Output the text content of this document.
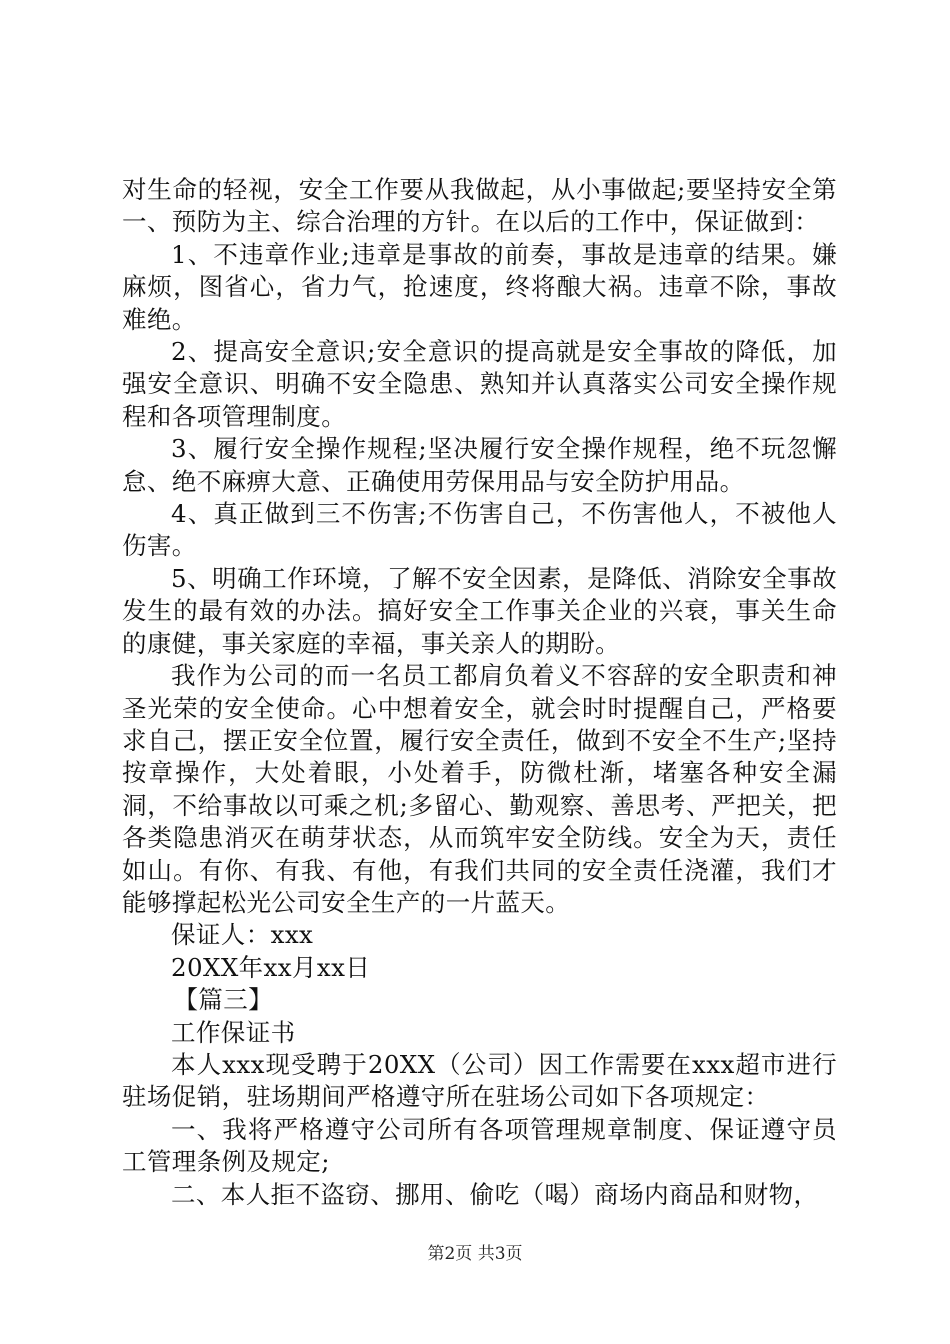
对生命的轻视，安全工作要从我做起，从小事做起;要坚持安全第一、预防为主、综合治理的方针。在以后的工作中，保证做到：

1、不违章作业;违章是事故的前奏，事故是违章的结果。嫌麻烦，图省心，省力气，抢速度，终将酿大祸。违章不除，事故难绝。

2、提高安全意识;安全意识的提高就是安全事故的降低，加强安全意识、明确不安全隐患、熟知并认真落实公司安全操作规程和各项管理制度。

3、履行安全操作规程;坚决履行安全操作规程，绝不玩忽懈怠、绝不麻痹大意、正确使用劳保用品与安全防护用品。

4、真正做到三不伤害;不伤害自己，不伤害他人，不被他人伤害。

5、明确工作环境，了解不安全因素，是降低、消除安全事故发生的最有效的办法。搞好安全工作事关企业的兴衰，事关生命的康健，事关家庭的幸福，事关亲人的期盼。

我作为公司的而一名员工都肩负着义不容辞的安全职责和神圣光荣的安全使命。心中想着安全，就会时时提醒自己，严格要求自己，摆正安全位置，履行安全责任，做到不安全不生产;坚持按章操作，大处着眼，小处着手，防微杜渐，堵塞各种安全漏洞，不给事故以可乘之机;多留心、勤观察、善思考、严把关，把各类隐患消灭在萌芽状态，从而筑牢安全防线。安全为天，责任如山。有你、有我、有他，有我们共同的安全责任浇灌，我们才能够撑起松光公司安全生产的一片蓝天。

保证人：xxx

20XX年xx月xx日

【篇三】

工作保证书

本人xxx现受聘于20XX（公司）因工作需要在xxx超市进行驻场促销，驻场期间严格遵守所在驻场公司如下各项规定：

一、我将严格遵守公司所有各项管理规章制度、保证遵守员工管理条例及规定;

二、本人拒不盗窃、挪用、偷吃（喝）商场内商品和财物，

第2页 共3页
